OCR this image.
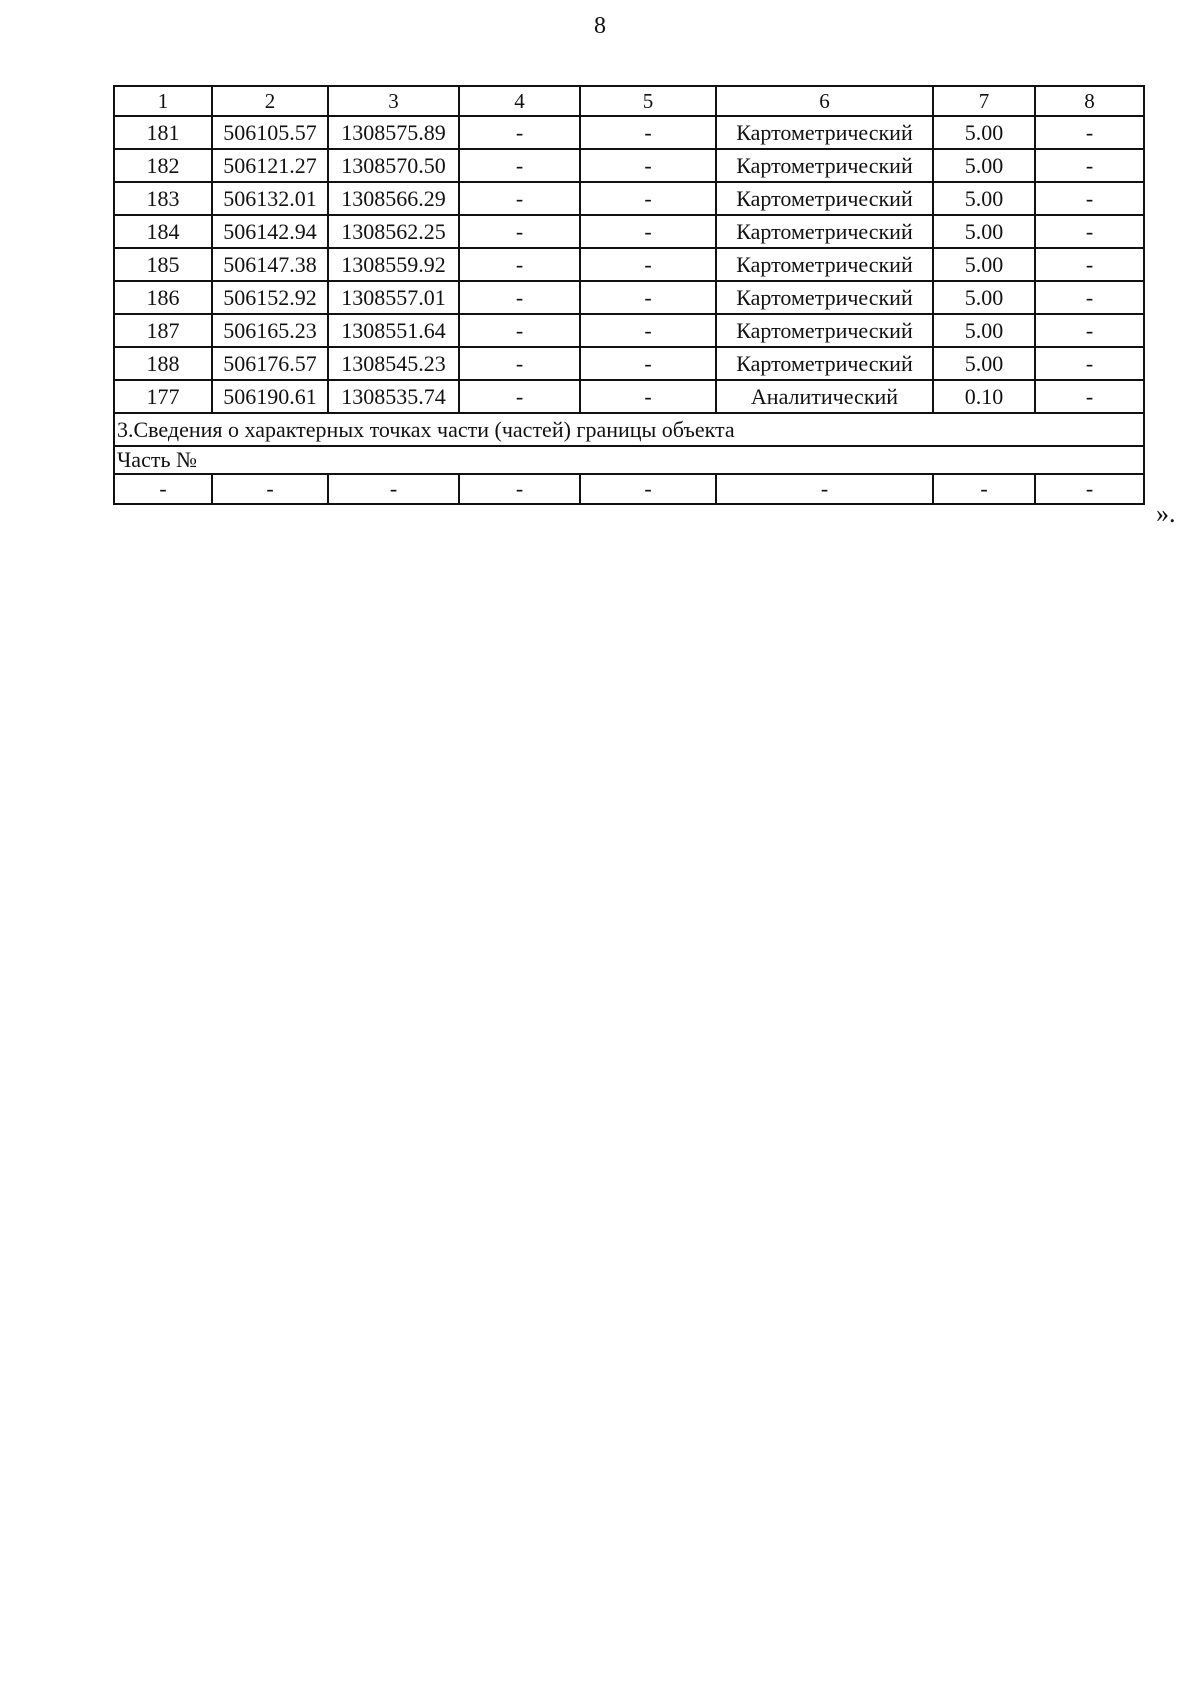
8
1	2	3	4	5	6	7	8
181	506105.57	1308575.89	-	-	Картометрический	5.00	-
182	506121.27	1308570.50	-	-	Картометрический	5.00	-
183	506132.01	1308566.29	-	-	Картометрический	5.00	-
184	506142.94	1308562.25	-	-	Картометрический	5.00	-
185	506147.38	1308559.92	-	-	Картометрический	5.00	-
186	506152.92	1308557.01	-	-	Картометрический	5.00	-
187	506165.23	1308551.64	-	-	Картометрический	5.00	-
188	506176.57	1308545.23	-	-	Картометрический	5.00	-
177	506190.61	1308535.74	-	-	Аналитический	0.10	-
3.Сведения о характерных точках части (частей) границы объекта							
Часть №							
-	-	-	-	-	-	-	-
».
